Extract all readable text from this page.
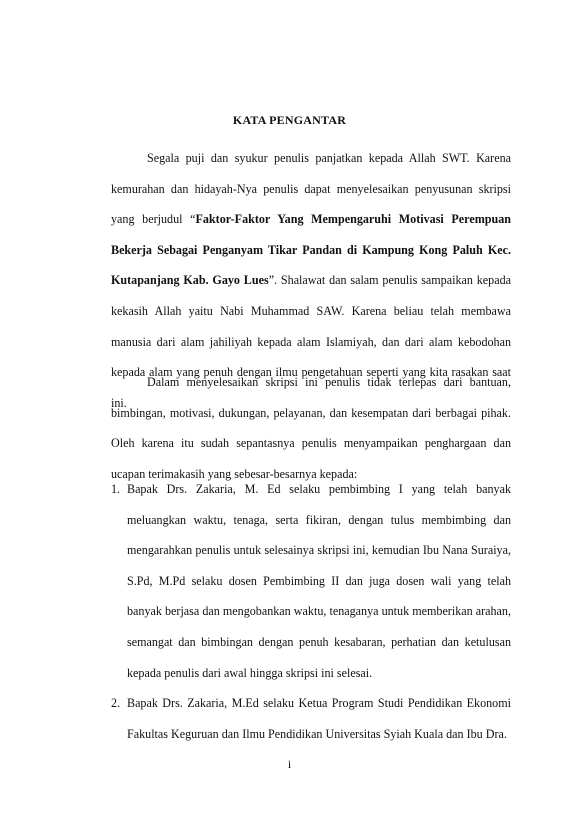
KATA PENGANTAR

Segala puji dan syukur penulis panjatkan kepada Allah SWT. Karena kemurahan dan hidayah-Nya penulis dapat menyelesaikan penyusunan skripsi yang berjudul “Faktor-Faktor Yang Mempengaruhi Motivasi Perempuan Bekerja Sebagai Penganyam Tikar Pandan di Kampung Kong Paluh Kec. Kutapanjang Kab. Gayo Lues”. Shalawat dan salam penulis sampaikan kepada kekasih Allah yaitu Nabi Muhammad SAW. Karena beliau telah membawa manusia dari alam jahiliyah kepada alam Islamiyah, dan dari alam kebodohan kepada alam yang penuh dengan ilmu pengetahuan seperti yang kita rasakan saat ini.

Dalam menyelesaikan skripsi ini penulis tidak terlepas dari bantuan, bimbingan, motivasi, dukungan, pelayanan, dan kesempatan dari berbagai pihak. Oleh karena itu sudah sepantasnya penulis menyampaikan penghargaan dan ucapan terimakasih yang sebesar-besarnya kepada:

1. Bapak Drs. Zakaria, M. Ed selaku pembimbing I yang telah banyak meluangkan waktu, tenaga, serta fikiran, dengan tulus membimbing dan mengarahkan penulis untuk selesainya skripsi ini, kemudian Ibu Nana Suraiya, S.Pd, M.Pd selaku dosen Pembimbing II dan juga dosen wali yang telah banyak berjasa dan mengobankan waktu, tenaganya untuk memberikan arahan, semangat dan bimbingan dengan penuh kesabaran, perhatian dan ketulusan kepada penulis dari awal hingga skripsi ini selesai.

2. Bapak Drs. Zakaria, M.Ed selaku Ketua Program Studi Pendidikan Ekonomi Fakultas Keguruan dan Ilmu Pendidikan Universitas Syiah Kuala dan Ibu Dra.

i
